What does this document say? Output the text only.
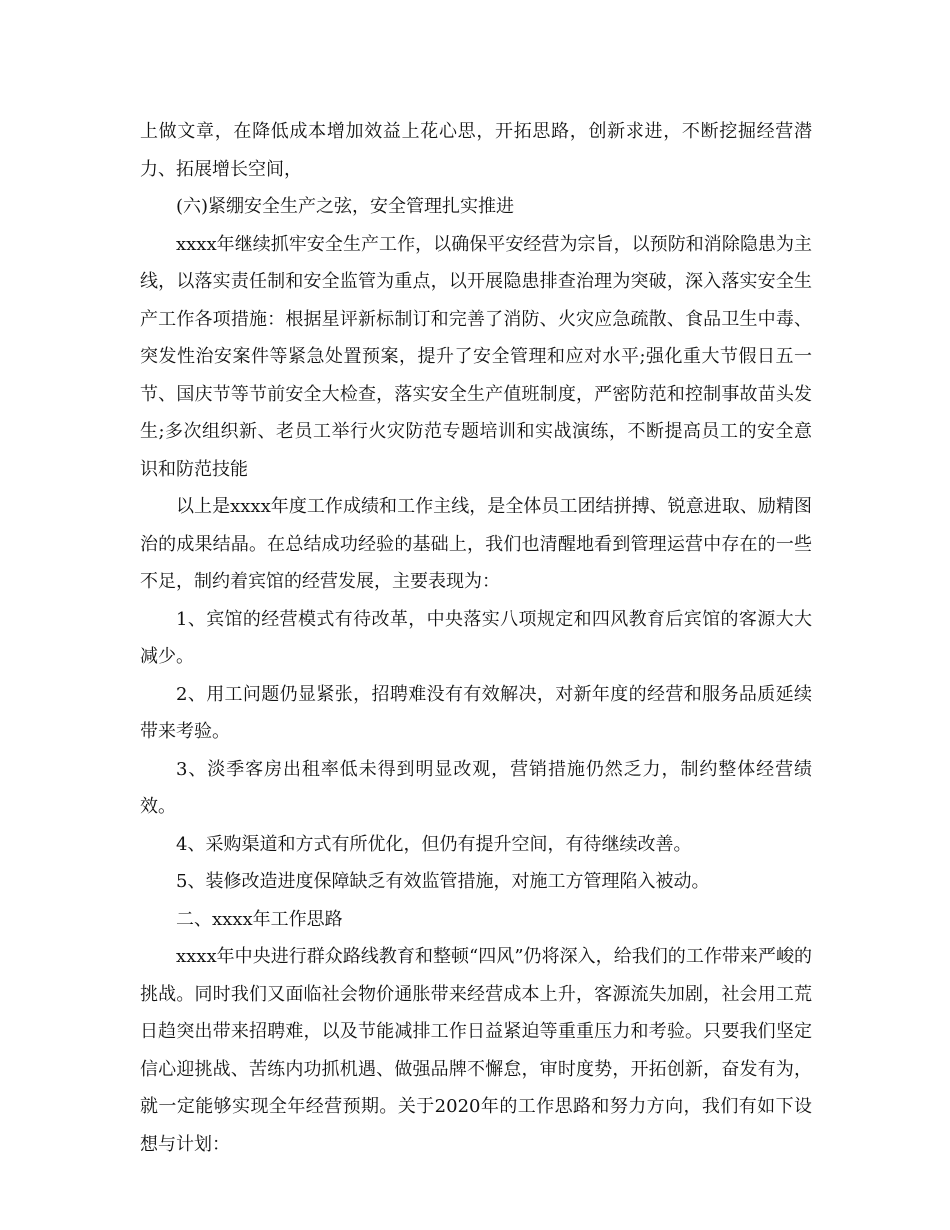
上做文章，在降低成本增加效益上花心思，开拓思路，创新求进，不断挖掘经营潜力、拓展增长空间，

(六)紧绷安全生产之弦，安全管理扎实推进

xxxx年继续抓牢安全生产工作，以确保平安经营为宗旨，以预防和消除隐患为主线，以落实责任制和安全监管为重点，以开展隐患排查治理为突破，深入落实安全生产工作各项措施：根据星评新标制订和完善了消防、火灾应急疏散、食品卫生中毒、突发性治安案件等紧急处置预案，提升了安全管理和应对水平;强化重大节假日五一节、国庆节等节前安全大检查，落实安全生产值班制度，严密防范和控制事故苗头发生;多次组织新、老员工举行火灾防范专题培训和实战演练，不断提高员工的安全意识和防范技能

以上是xxxx年度工作成绩和工作主线，是全体员工团结拼搏、锐意进取、励精图治的成果结晶。在总结成功经验的基础上，我们也清醒地看到管理运营中存在的一些不足，制约着宾馆的经营发展，主要表现为：

1、宾馆的经营模式有待改革，中央落实八项规定和四风教育后宾馆的客源大大减少。

2、用工问题仍显紧张，招聘难没有有效解决，对新年度的经营和服务品质延续带来考验。

3、淡季客房出租率低未得到明显改观，营销措施仍然乏力，制约整体经营绩效。

4、采购渠道和方式有所优化，但仍有提升空间，有待继续改善。

5、装修改造进度保障缺乏有效监管措施，对施工方管理陷入被动。

二、xxxx年工作思路

xxxx年中央进行群众路线教育和整顿“四风”仍将深入，给我们的工作带来严峻的挑战。同时我们又面临社会物价通胀带来经营成本上升，客源流失加剧，社会用工荒日趋突出带来招聘难，以及节能减排工作日益紧迫等重重压力和考验。只要我们坚定信心迎挑战、苦练内功抓机遇、做强品牌不懈怠，审时度势，开拓创新，奋发有为，就一定能够实现全年经营预期。关于2020年的工作思路和努力方向，我们有如下设想与计划：
